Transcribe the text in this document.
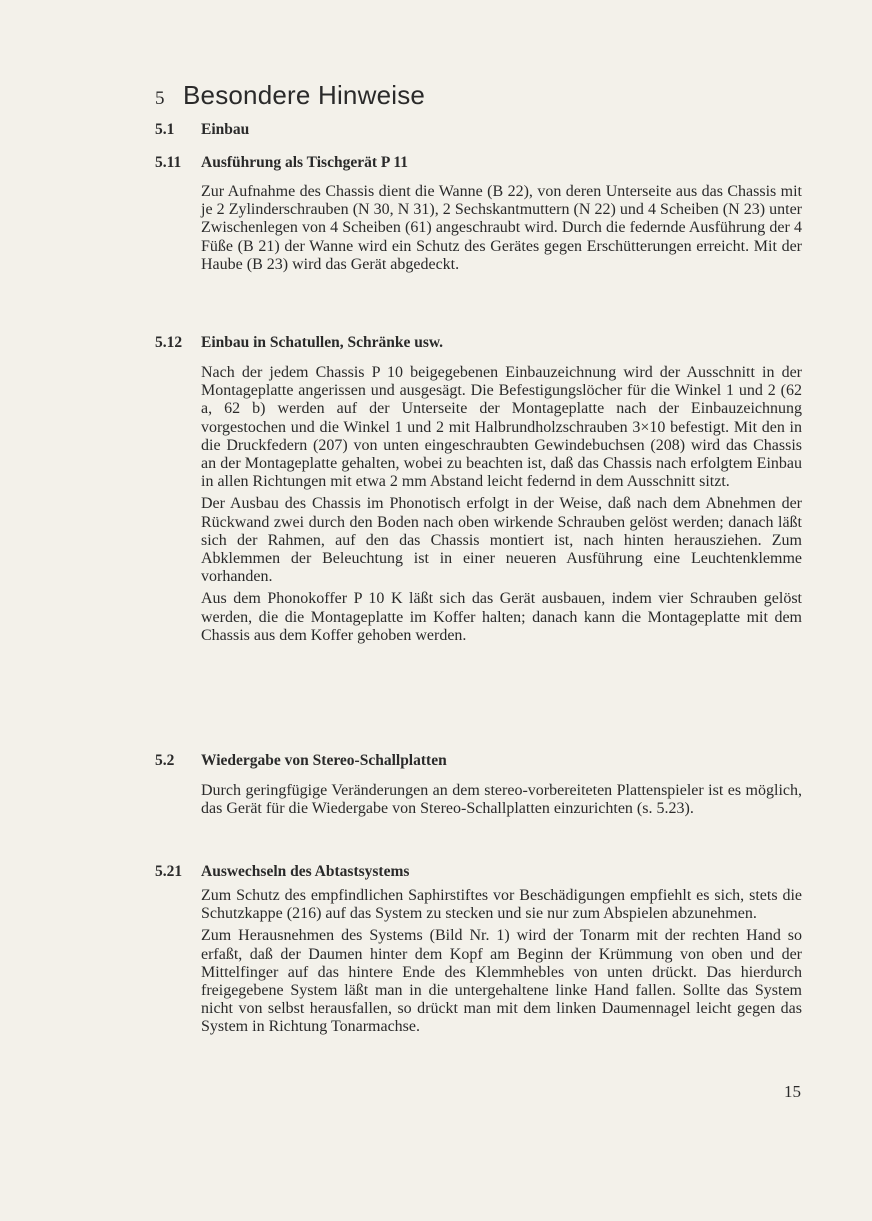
5 Besondere Hinweise
5.1	Einbau
5.11	Ausführung als Tischgerät P 11

Zur Aufnahme des Chassis dient die Wanne (B 22), von deren Unterseite aus das Chassis mit je 2 Zylinderschrauben (N 30, N 31), 2 Sechskantmuttern (N 22) und 4 Scheiben (N 23) unter Zwischenlegen von 4 Scheiben (61) angeschraubt wird. Durch die federnde Ausführung der 4 Füße (B 21) der Wanne wird ein Schutz des Gerätes gegen Erschütterungen erreicht. Mit der Haube (B 23) wird das Gerät abgedeckt.

5.12	Einbau in Schatullen, Schränke usw.

Nach der jedem Chassis P 10 beigegebenen Einbauzeichnung wird der Ausschnitt in der Montageplatte angerissen und ausgesägt. Die Befestigungslöcher für die Winkel 1 und 2 (62 a, 62 b) werden auf der Unterseite der Montageplatte nach der Einbauzeichnung vorgestochen und die Winkel 1 und 2 mit Halbrundholzschrauben 3×10 befestigt. Mit den in die Druckfedern (207) von unten eingeschraubten Gewindebuchsen (208) wird das Chassis an der Montageplatte gehalten, wobei zu beachten ist, daß das Chassis nach erfolgtem Einbau in allen Richtungen mit etwa 2 mm Abstand leicht federnd in dem Ausschnitt sitzt.

Der Ausbau des Chassis im Phonotisch erfolgt in der Weise, daß nach dem Abnehmen der Rückwand zwei durch den Boden nach oben wirkende Schrauben gelöst werden; danach läßt sich der Rahmen, auf den das Chassis montiert ist, nach hinten herausziehen. Zum Abklemmen der Beleuchtung ist in einer neueren Ausführung eine Leuchtenklemme vorhanden.

Aus dem Phonokoffer P 10 K läßt sich das Gerät ausbauen, indem vier Schrauben gelöst werden, die die Montageplatte im Koffer halten; danach kann die Montageplatte mit dem Chassis aus dem Koffer gehoben werden.

5.2	Wiedergabe von Stereo-Schallplatten

Durch geringfügige Veränderungen an dem stereo-vorbereiteten Plattenspieler ist es möglich, das Gerät für die Wiedergabe von Stereo-Schallplatten einzurichten (s. 5.23).

5.21	Auswechseln des Abtastsystems

Zum Schutz des empfindlichen Saphirstiftes vor Beschädigungen empfiehlt es sich, stets die Schutzkappe (216) auf das System zu stecken und sie nur zum Abspielen abzunehmen.

Zum Herausnehmen des Systems (Bild Nr. 1) wird der Tonarm mit der rechten Hand so erfaßt, daß der Daumen hinter dem Kopf am Beginn der Krümmung von oben und der Mittelfinger auf das hintere Ende des Klemmhebles von unten drückt. Das hierdurch freigegebene System läßt man in die untergehaltene linke Hand fallen. Sollte das System nicht von selbst herausfallen, so drückt man mit dem linken Daumennagel leicht gegen das System in Richtung Tonarmachse.

15
